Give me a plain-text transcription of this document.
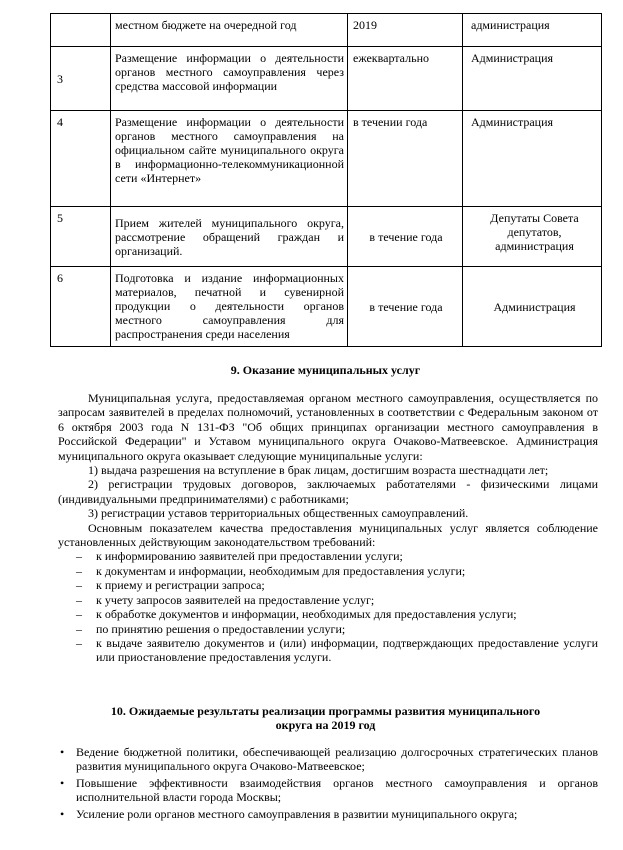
	местном бюджете на очередной год	2019	администрация
3	Размещение информации о деятельности органов местного самоуправления через средства массовой информации	ежеквартально	Администрация
4	Размещение информации о деятельности органов местного самоуправления на официальном сайте муниципального округа в информационно-телекоммуникационной сети «Интернет»	в течении года	Администрация
5	Прием жителей муниципального округа, рассмотрение обращений граждан и организаций.	в течение года	Депутаты Совета депутатов, администрация
6	Подготовка и издание информационных материалов, печатной и сувенирной продукции о деятельности органов местного самоуправления для распространения среди населения	в течение года	Администрация
9. Оказание муниципальных услуг

Муниципальная услуга, предоставляемая органом местного самоуправления, осуществляется по запросам заявителей в пределах полномочий, установленных в соответствии с Федеральным законом от 6 октября 2003 года N 131-ФЗ "Об общих принципах организации местного самоуправления в Российской Федерации" и Уставом муниципального округа Очаково-Матвеевское. Администрация муниципального округа оказывает следующие муниципальные услуги:

1) выдача разрешения на вступление в брак лицам, достигшим возраста шестнадцати лет;

2) регистрации трудовых договоров, заключаемых работателями - физическими лицами (индивидуальными предпринимателями) с работниками;

3) регистрации уставов территориальных общественных самоуправлений.

Основным показателем качества предоставления муниципальных услуг является соблюдение установленных действующим законодательством требований:

– к информированию заявителей при предоставлении услуги;
– к документам и информации, необходимым для предоставления услуги;
– к приему и регистрации запроса;
– к учету запросов заявителей на предоставление услуг;
– к обработке документов и информации, необходимых для предоставления услуги;
– по принятию решения о предоставлении услуги;
– к выдаче заявителю документов и (или) информации, подтверждающих предоставление услуги или приостановление предоставления услуги.
10. Ожидаемые результаты реализации программы развития муниципального
округа на 2019 год
• Ведение бюджетной политики, обеспечивающей реализацию долгосрочных стратегических планов развития муниципального округа Очаково-Матвеевское;
• Повышение эффективности взаимодействия органов местного самоуправления и органов исполнительной власти города Москвы;
• Усиление роли органов местного самоуправления в развитии муниципального округа;
